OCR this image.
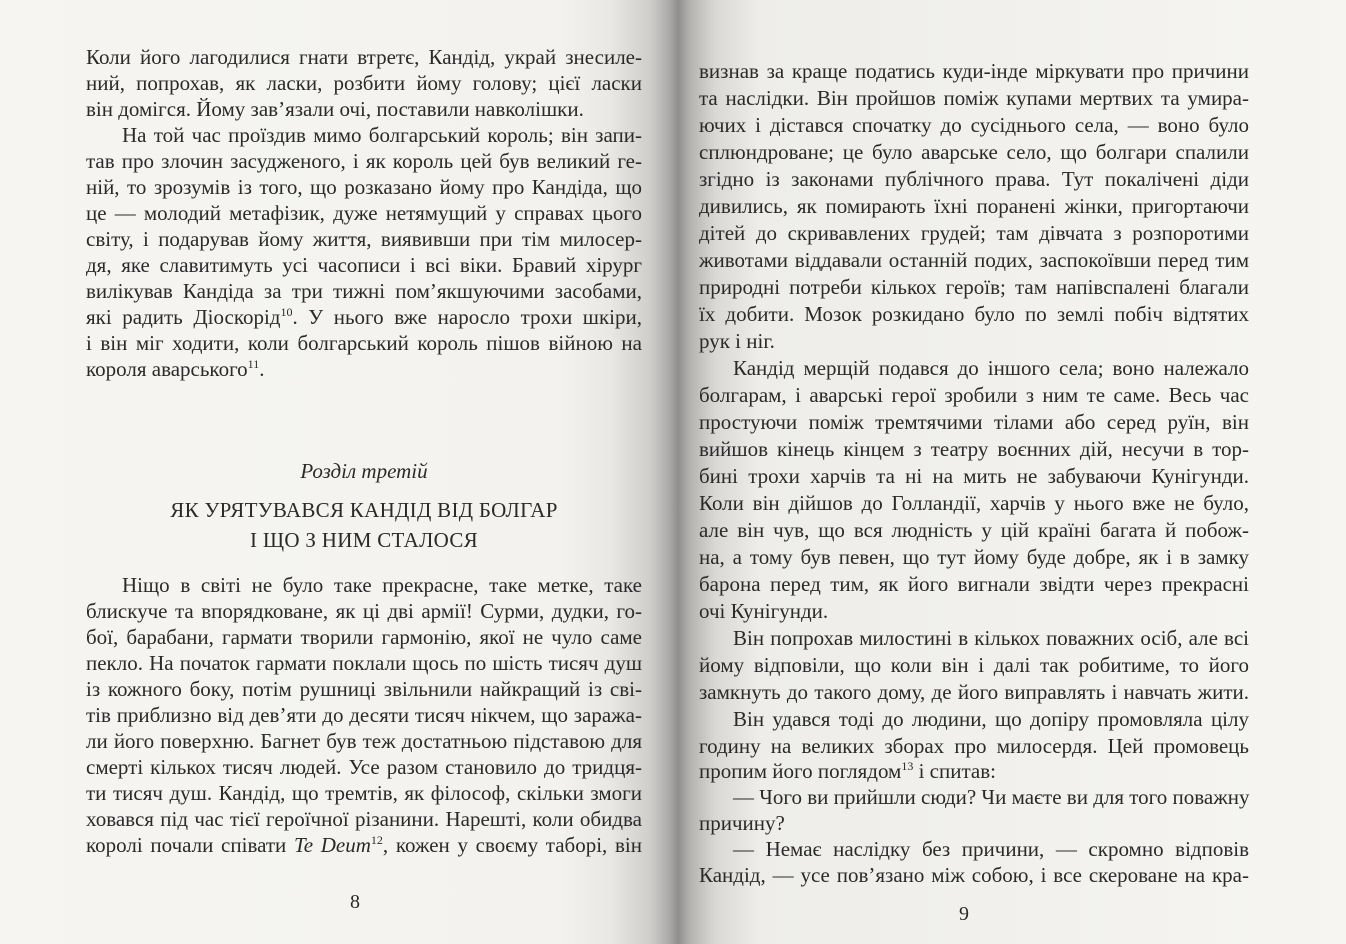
Коли його лагодилися гнати втретє, Кандід, украй знесиле-
ний, попрохав, як ласки, розбити йому голову; цієї ласки
він домігся. Йому зав’язали очі, поставили навколішки.
На той час проїздив мимо болгарський король; він запи-
тав про злочин засудженого, і як король цей був великий ге-
ній, то зрозумів із того, що розказано йому про Кандіда, що
це — молодий метафізик, дуже нетямущий у справах цього
світу, і подарував йому життя, виявивши при тім милосер-
дя, яке славитимуть усі часописи і всі віки. Бравий хірург
вилікував Кандіда за три тижні пом’якшуючими засобами,
які радить Діоскорід$^{10}$. У нього вже наросло трохи шкіри,
і він міг ходити, коли болгарський король пішов війною на
короля аварського$^{11}$.
Розділ третій
ЯК УРЯТУВАВСЯ КАНДІД ВІД БОЛГАР
І ЩО З НИМ СТАЛОСЯ
Ніщо в світі не було таке прекрасне, таке метке, таке
блискуче та впорядковане, як ці дві армії! Сурми, дудки, го-
бої, барабани, гармати творили гармонію, якої не чуло саме
пекло. На початок гармати поклали щось по шість тисяч душ
із кожного боку, потім рушниці звільнили найкращий із сві-
тів приблизно від дев’яти до десяти тисяч нікчем, що заража-
ли його поверхню. Багнет був теж достатньою підставою для
смерті кількох тисяч людей. Усе разом становило до тридця-
ти тисяч душ. Кандід, що тремтів, як філософ, скільки змоги
ховався під час тієї героїчної різанини. Нарешті, коли обидва
королі почали співати Te Deum$^{12}$, кожен у своєму таборі, він
8
визнав за краще податись куди-інде міркувати про причини
та наслідки. Він пройшов поміж купами мертвих та умира-
ючих і дістався спочатку до сусіднього села, — воно було
сплюндроване; це було аварське село, що болгари спалили
згідно із законами публічного права. Тут покалічені діди
дивились, як помирають їхні поранені жінки, пригортаючи
дітей до скривавлених грудей; там дівчата з розпоротими
животами віддавали останній подих, заспокоївши перед тим
природні потреби кількох героїв; там напівспалені благали
їх добити. Мозок розкидано було по землі побіч відтятих
рук і ніг.
Кандід мерщій подався до іншого села; воно належало
болгарам, і аварські герої зробили з ним те саме. Весь час
простуючи поміж тремтячими тілами або серед руїн, він
вийшов кінець кінцем з театру воєнних дій, несучи в тор-
бині трохи харчів та ні на мить не забуваючи Кунігунди.
Коли він дійшов до Голландії, харчів у нього вже не було,
але він чув, що вся людність у цій країні багата й побож-
на, а тому був певен, що тут йому буде добре, як і в замку
барона перед тим, як його вигнали звідти через прекрасні
очі Кунігунди.
Він попрохав милостині в кількох поважних осіб, але всі
йому відповіли, що коли він і далі так робитиме, то його
замкнуть до такого дому, де його виправлять і навчать жити.
Він удався тоді до людини, що допіру промовляла цілу
годину на великих зборах про милосердя. Цей промовець
пропим його поглядом$^{13}$ і спитав:
— Чого ви прийшли сюди? Чи маєте ви для того поважну
причину?
— Немає наслідку без причини, — скромно відповів
Кандід, — усе пов’язано між собою, і все скероване на кра-
9
